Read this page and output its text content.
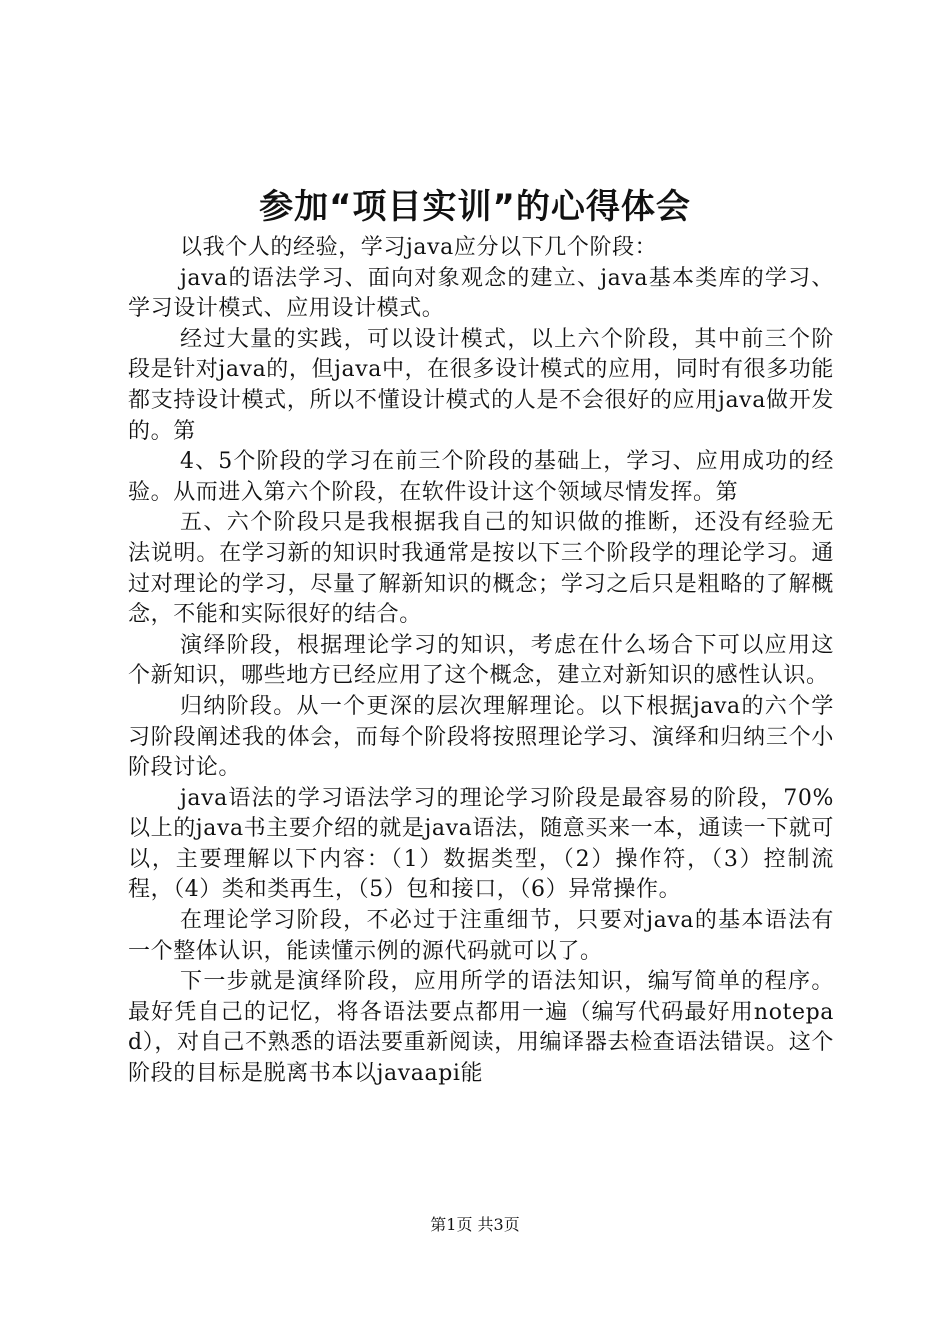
参加“项目实训”的心得体会

以我个人的经验，学习java应分以下几个阶段：

java的语法学习、面向对象观念的建立、java基本类库的学习、学习设计模式、应用设计模式。

经过大量的实践，可以设计模式，以上六个阶段，其中前三个阶段是针对java的，但java中，在很多设计模式的应用，同时有很多功能都支持设计模式，所以不懂设计模式的人是不会很好的应用java做开发的。第

4、5个阶段的学习在前三个阶段的基础上，学习、应用成功的经验。从而进入第六个阶段，在软件设计这个领域尽情发挥。第

五、六个阶段只是我根据我自己的知识做的推断，还没有经验无法说明。在学习新的知识时我通常是按以下三个阶段学的理论学习。通过对理论的学习，尽量了解新知识的概念；学习之后只是粗略的了解概念，不能和实际很好的结合。

演绎阶段，根据理论学习的知识，考虑在什么场合下可以应用这个新知识，哪些地方已经应用了这个概念，建立对新知识的感性认识。

归纳阶段。从一个更深的层次理解理论。以下根据java的六个学习阶段阐述我的体会，而每个阶段将按照理论学习、演绎和归纳三个小阶段讨论。

java语法的学习语法学习的理论学习阶段是最容易的阶段，70%以上的java书主要介绍的就是java语法，随意买来一本，通读一下就可以，主要理解以下内容：（1）数据类型，（2）操作符，（3）控制流程，（4）类和类再生，（5）包和接口，（6）异常操作。

在理论学习阶段，不必过于注重细节，只要对java的基本语法有一个整体认识，能读懂示例的源代码就可以了。

下一步就是演绎阶段，应用所学的语法知识，编写简单的程序。最好凭自己的记忆，将各语法要点都用一遍（编写代码最好用notepad），对自己不熟悉的语法要重新阅读，用编译器去检查语法错误。这个阶段的目标是脱离书本以javaapi能

第1页 共3页
